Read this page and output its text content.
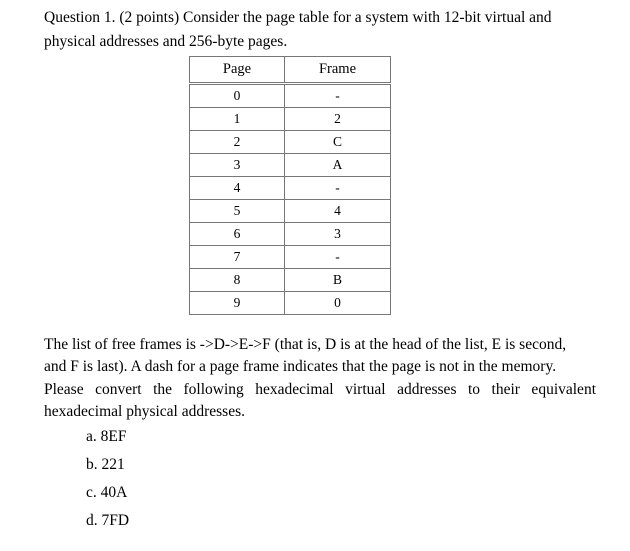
Question 1. (2 points) Consider the page table for a system with 12-bit virtual and
physical addresses and 256-byte pages.
Page	Frame
0	-
1	2
2	C
3	A
4	-
5	4
6	3
7	-
8	B
9	0
The list of free frames is ->D->E->F (that is, D is at the head of the list, E is second,
and F is last). A dash for a page frame indicates that the page is not in the memory.
Please convert the following hexadecimal virtual addresses to their equivalent
hexadecimal physical addresses.
a. 8EF
b. 221
c. 40A
d. 7FD
